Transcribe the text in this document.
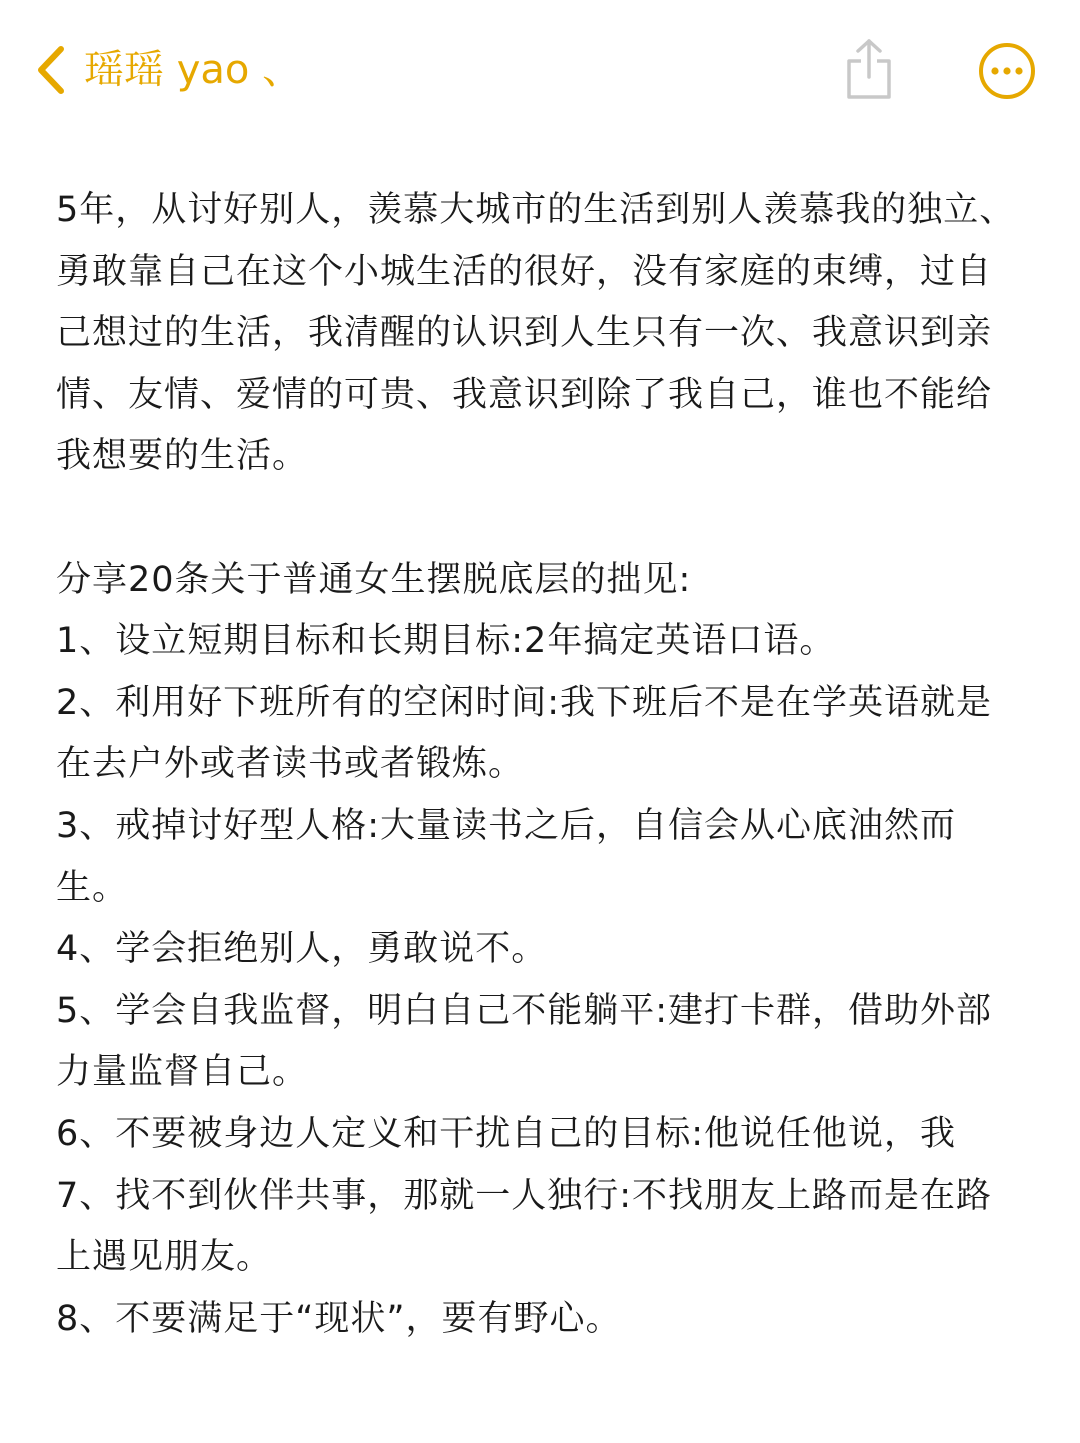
瑶瑶 yao 、

5年，从讨好别人，羡慕大城市的生活到别人羡慕我的独立、勇敢靠自己在这个小城生活的很好，没有家庭的束缚，过自己想过的生活，我清醒的认识到人生只有一次、我意识到亲情、友情、爱情的可贵、我意识到除了我自己，谁也不能给我想要的生活。

分享20条关于普通女生摆脱底层的拙见:

1、设立短期目标和长期目标:2年搞定英语口语。

2、利用好下班所有的空闲时间:我下班后不是在学英语就是在去户外或者读书或者锻炼。

3、戒掉讨好型人格:大量读书之后，自信会从心底油然而生。

4、学会拒绝别人，勇敢说不。

5、学会自我监督，明白自己不能躺平:建打卡群，借助外部力量监督自己。

6、不要被身边人定义和干扰自己的目标:他说任他说，我

7、找不到伙伴共事，那就一人独行:不找朋友上路而是在路上遇见朋友。

8、不要满足于“现状”，要有野心。
